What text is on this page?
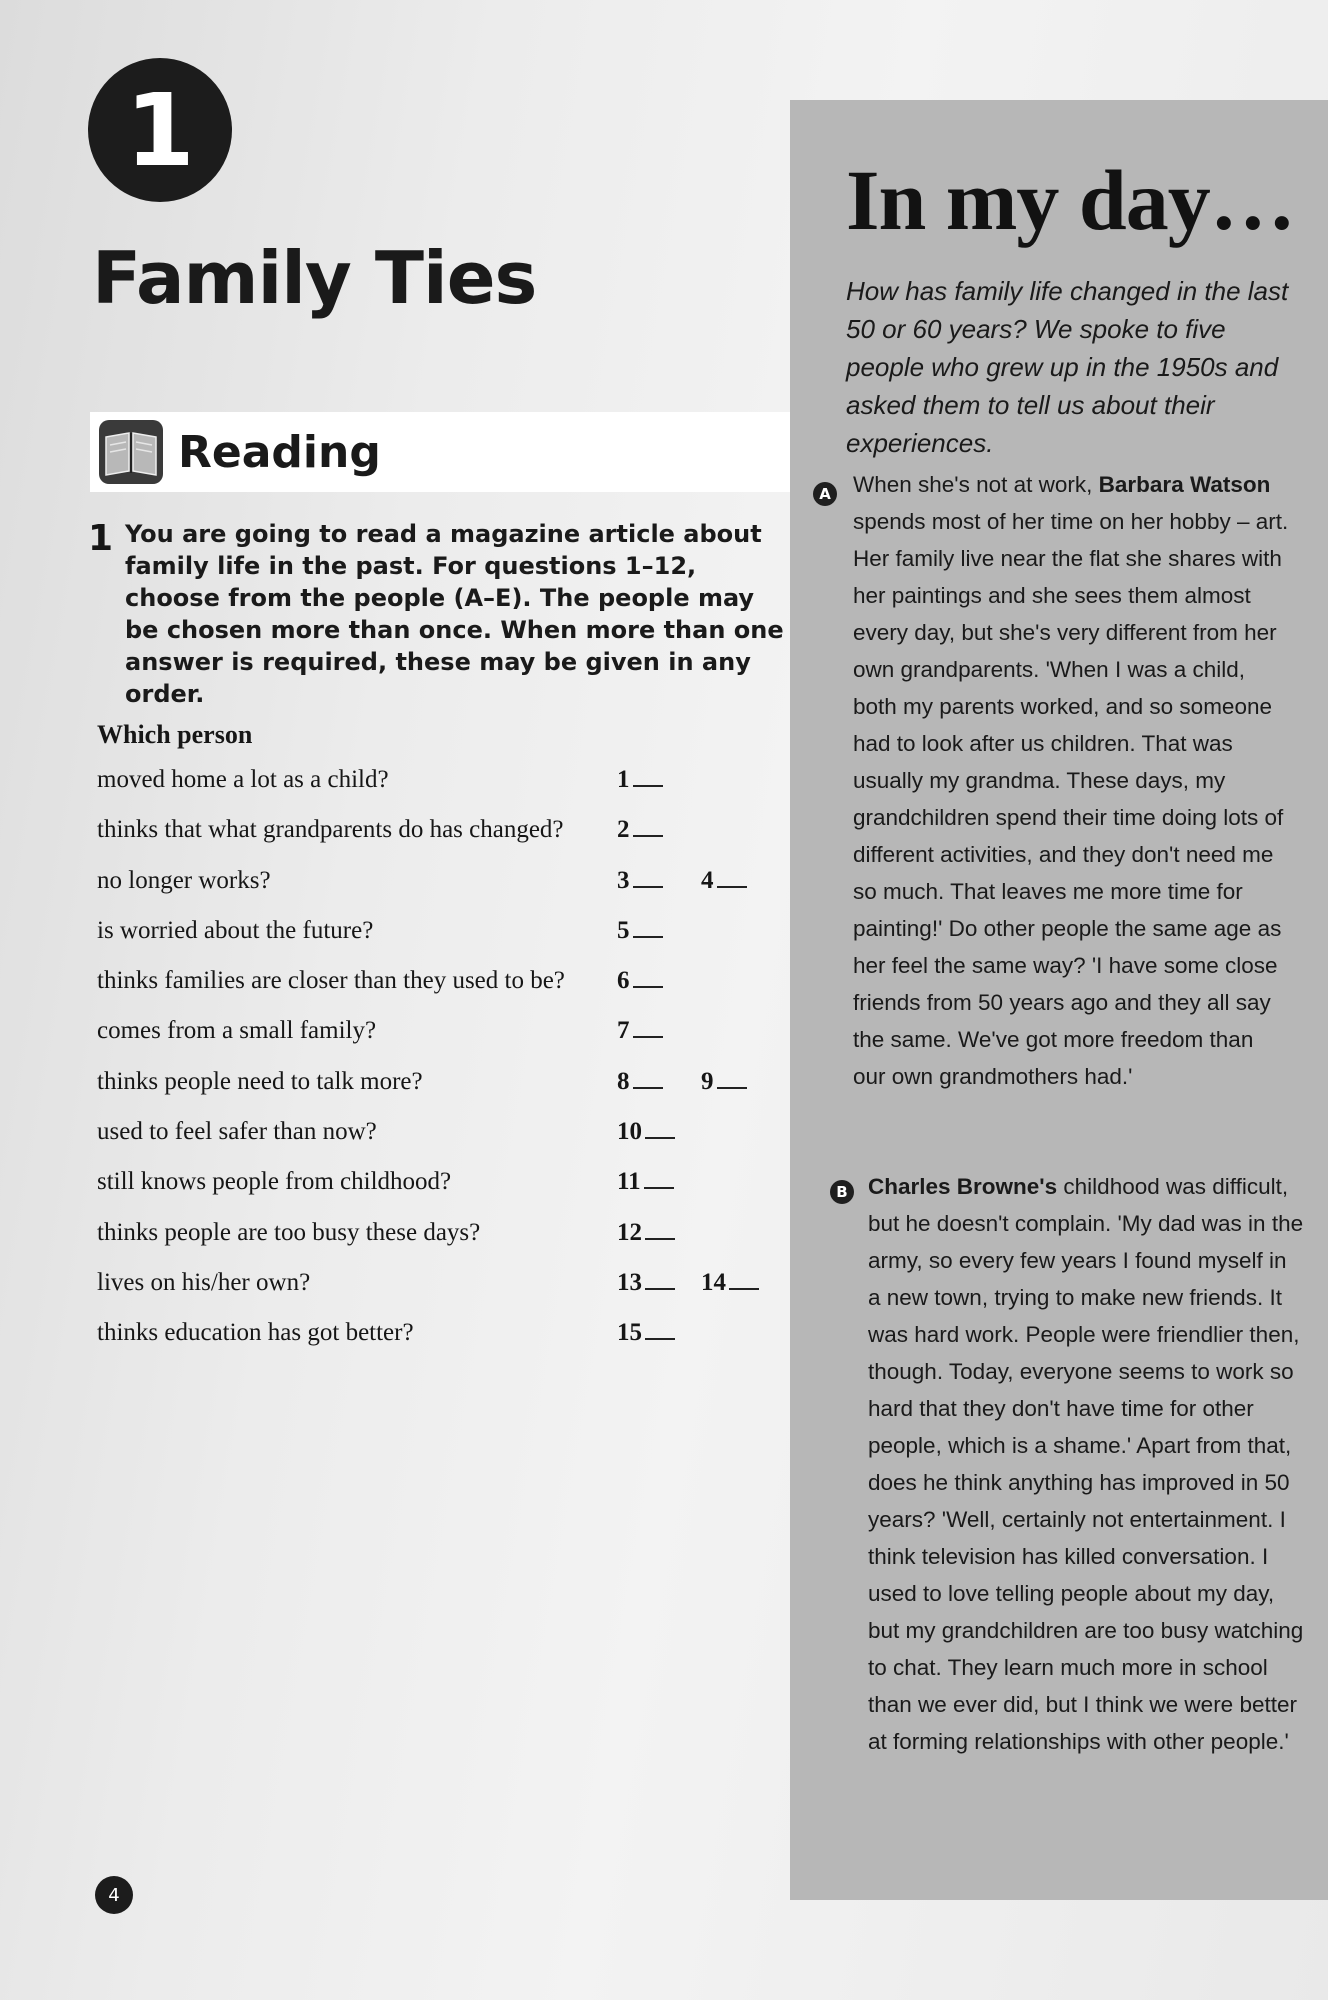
1
Family Ties
Reading
1 You are going to read a magazine article about family life in the past. For questions 1–12, choose from the people (A–E). The people may be chosen more than once. When more than one answer is required, these may be given in any order.
Which person
moved home a lot as a child?	1
thinks that what grandparents do has changed? 2
no longer works?	3	4
is worried about the future?	5
thinks families are closer than they used to be? 6
comes from a small family?	7
thinks people need to talk more?	8	9
used to feel safer than now?	10
still knows people from childhood?	11
thinks people are too busy these days?	12
lives on his/her own?	13	14
thinks education has got better?	15
In my day…

How has family life changed in the last 50 or 60 years? We spoke to five people who grew up in the 1950s and asked them to tell us about their experiences.

A When she's not at work, Barbara Watson spends most of her time on her hobby – art. Her family live near the flat she shares with her paintings and she sees them almost every day, but she's very different from her own grandparents. 'When I was a child, both my parents worked, and so someone had to look after us children. That was usually my grandma. These days, my grandchildren spend their time doing lots of different activities, and they don't need me so much. That leaves me more time for painting!' Do other people the same age as her feel the same way? 'I have some close friends from 50 years ago and they all say the same. We've got more freedom than our own grandmothers had.'

B Charles Browne's childhood was difficult, but he doesn't complain. 'My dad was in the army, so every few years I found myself in a new town, trying to make new friends. It was hard work. People were friendlier then, though. Today, everyone seems to work so hard that they don't have time for other people, which is a shame.' Apart from that, does he think anything has improved in 50 years? 'Well, certainly not entertainment. I think television has killed conversation. I used to love telling people about my day, but my grandchildren are too busy watching to chat. They learn much more in school than we ever did, but I think we were better at forming relationships with other people.'

4
